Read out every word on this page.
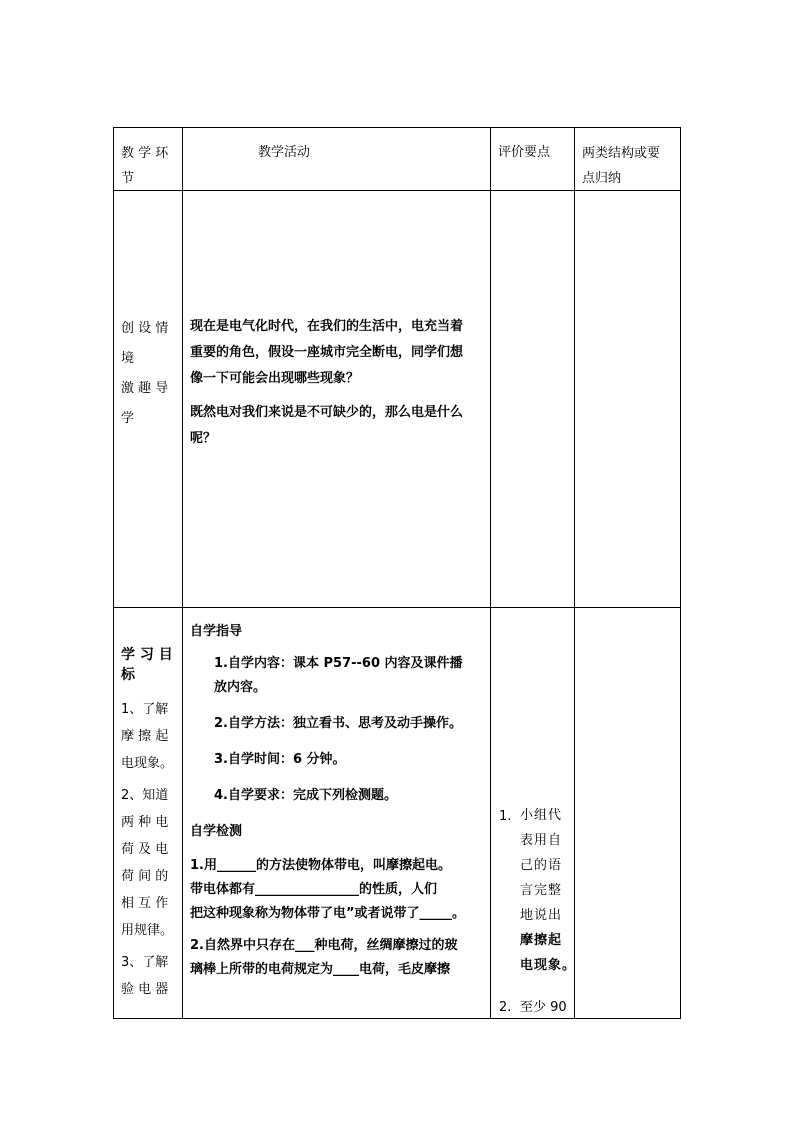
教 学 环
节
教学活动	评价要点 两类结构或要
点归纳
创 设 情
境
激 趣 导
学
现在是电气化时代，在我们的生活中，电充当着
重要的角色，假设一座城市完全断电，同学们想
像一下可能会出现哪些现象？
既然电对我们来说是不可缺少的，那么电是什么
呢？
学 习 目
标
1、了解
摩 擦 起
电现象。
2、知道
两 种 电
荷 及 电
荷 间 的
相 互 作
用规律。
3、了解
验 电 器
自学指导
1.自学内容：课本 P57--60 内容及课件播
放内容。
2.自学方法：独立看书、思考及动手操作。
3.自学时间：6 分钟。
4.自学要求：完成下列检测题。
自学检测
1.用______的方法使物体带电，叫摩擦起电。
带电体都有________________的性质，人们
把这种现象称为物体带了电”或者说带了_____。
2.自然界中只存在___种电荷，丝绸摩擦过的玻
璃棒上所带的电荷规定为____电荷，毛皮摩擦
1. 小组代
表用自
己的语
言完整
地说出
摩擦起
电现象。
2. 至少 90
